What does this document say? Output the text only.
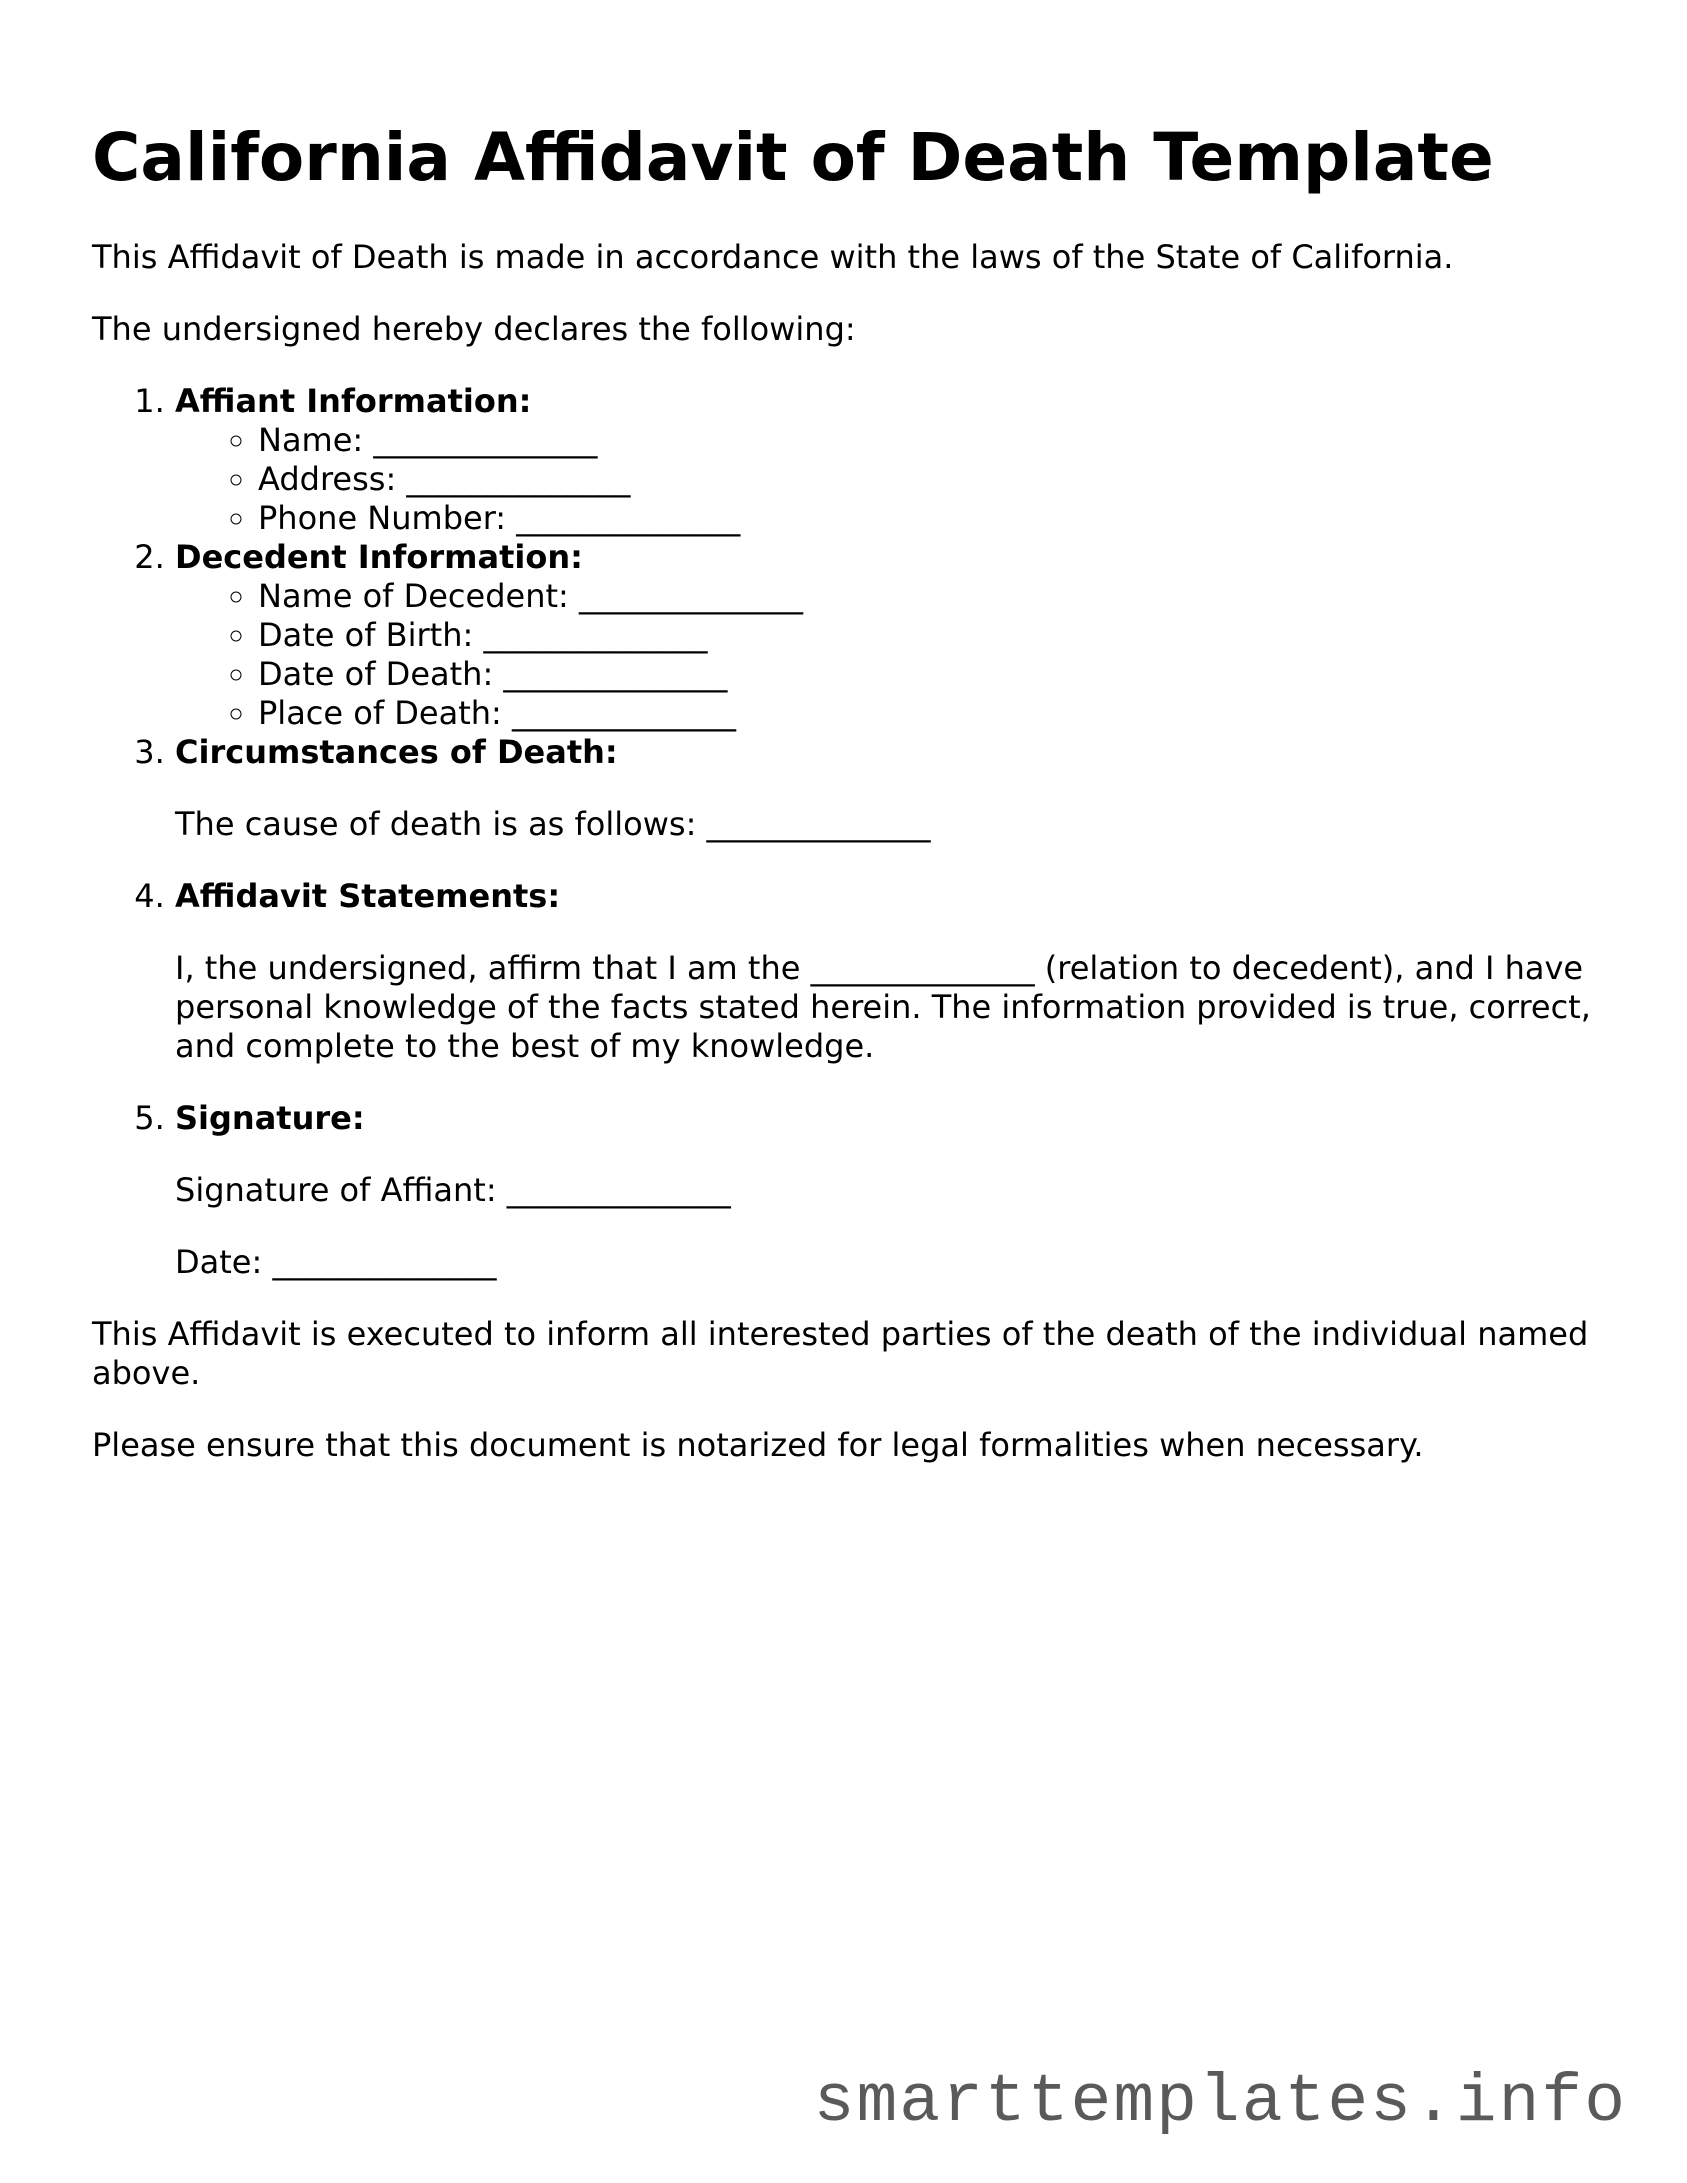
California Affidavit of Death Template

This Affidavit of Death is made in accordance with the laws of the State of California.

The undersigned hereby declares the following:

1. Affiant Information:
◦ Name: ______________
◦ Address: ______________
◦ Phone Number: ______________
2. Decedent Information:
◦ Name of Decedent: ______________
◦ Date of Birth: ______________
◦ Date of Death: ______________
◦ Place of Death: ______________
3. Circumstances of Death:

The cause of death is as follows: ______________

4. Affidavit Statements:

I, the undersigned, affirm that I am the ______________ (relation to decedent), and I have personal knowledge of the facts stated herein. The information provided is true, correct, and complete to the best of my knowledge.

5. Signature:

Signature of Affiant: ______________

Date: ______________

This Affidavit is executed to inform all interested parties of the death of the individual named above.

Please ensure that this document is notarized for legal formalities when necessary.

smarttemplates.info
